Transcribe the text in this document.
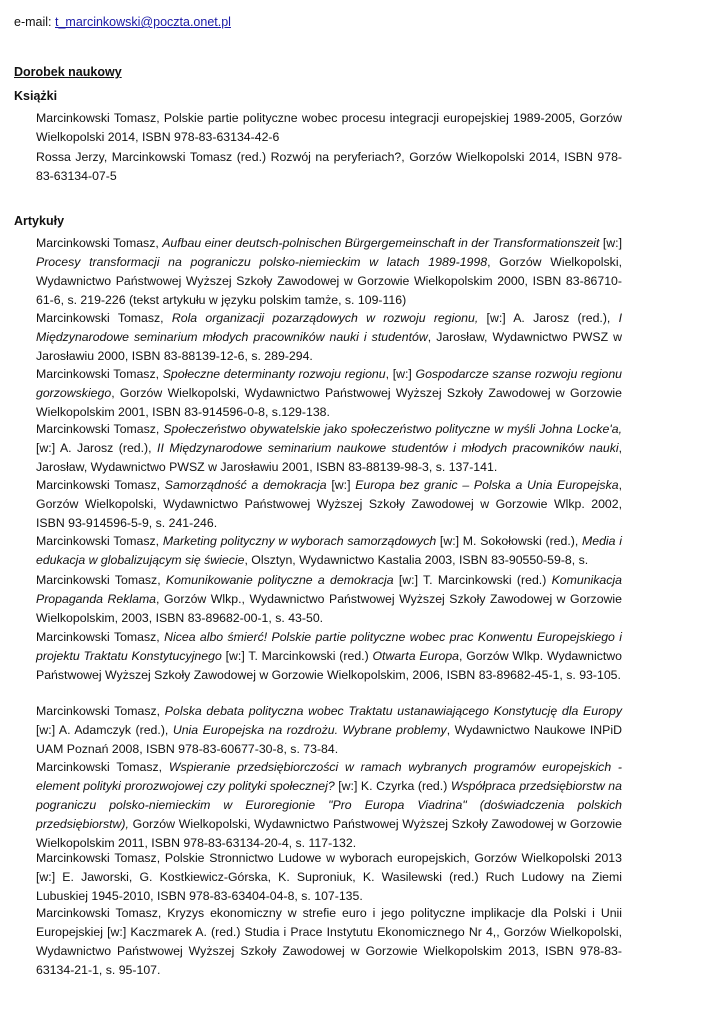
e-mail: t_marcinkowski@poczta.onet.pl
Dorobek naukowy
Książki

Marcinkowski Tomasz, Polskie partie polityczne wobec procesu integracji europejskiej 1989-2005, Gorzów Wielkopolski 2014, ISBN 978-83-63134-42-6

Rossa Jerzy, Marcinkowski Tomasz (red.) Rozwój na peryferiach?, Gorzów Wielkopolski 2014, ISBN 978-83-63134-07-5

Artykuły

Marcinkowski Tomasz, Aufbau einer deutsch-polnischen Bürgergemeinschaft in der Transformationszeit [w:] Procesy transformacji na pograniczu polsko-niemieckim w latach 1989-1998, Gorzów Wielkopolski, Wydawnictwo Państwowej Wyższej Szkoły Zawodowej w Gorzowie Wielkopolskim 2000, ISBN 83-86710-61-6, s. 219-226 (tekst artykułu w języku polskim tamże, s. 109-116)

Marcinkowski Tomasz, Rola organizacji pozarządowych w rozwoju regionu, [w:] A. Jarosz (red.), I Międzynarodowe seminarium młodych pracowników nauki i studentów, Jarosław, Wydawnictwo PWSZ w Jarosławiu 2000, ISBN 83-88139-12-6, s. 289-294.

Marcinkowski Tomasz, Społeczne determinanty rozwoju regionu, [w:] Gospodarcze szanse rozwoju regionu gorzowskiego, Gorzów Wielkopolski, Wydawnictwo Państwowej Wyższej Szkoły Zawodowej w Gorzowie Wielkopolskim 2001, ISBN 83-914596-0-8, s.129-138.

Marcinkowski Tomasz, Społeczeństwo obywatelskie jako społeczeństwo polityczne w myśli Johna Locke'a, [w:] A. Jarosz (red.), II Międzynarodowe seminarium naukowe studentów i młodych pracowników nauki, Jarosław, Wydawnictwo PWSZ w Jarosławiu 2001, ISBN 83-88139-98-3, s. 137-141.

Marcinkowski Tomasz, Samorządność a demokracja [w:] Europa bez granic – Polska a Unia Europejska, Gorzów Wielkopolski, Wydawnictwo Państwowej Wyższej Szkoły Zawodowej w Gorzowie Wlkp. 2002, ISBN 93-914596-5-9, s. 241-246.

Marcinkowski Tomasz, Marketing polityczny w wyborach samorządowych [w:] M. Sokołowski (red.), Media i edukacja w globalizującym się świecie, Olsztyn, Wydawnictwo Kastalia 2003, ISBN 83-90550-59-8, s.

Marcinkowski Tomasz, Komunikowanie polityczne a demokracja [w:] T. Marcinkowski (red.) Komunikacja Propaganda Reklama, Gorzów Wlkp., Wydawnictwo Państwowej Wyższej Szkoły Zawodowej w Gorzowie Wielkopolskim, 2003, ISBN 83-89682-00-1, s. 43-50.

Marcinkowski Tomasz, Nicea albo śmierć! Polskie partie polityczne wobec prac Konwentu Europejskiego i projektu Traktatu Konstytucyjnego [w:] T. Marcinkowski (red.) Otwarta Europa, Gorzów Wlkp. Wydawnictwo Państwowej Wyższej Szkoły Zawodowej w Gorzowie Wielkopolskim, 2006, ISBN 83-89682-45-1, s. 93-105.

Marcinkowski Tomasz, Polska debata polityczna wobec Traktatu ustanawiającego Konstytucję dla Europy [w:] A. Adamczyk (red.), Unia Europejska na rozdrożu. Wybrane problemy, Wydawnictwo Naukowe INPiD UAM Poznań 2008, ISBN 978-83-60677-30-8, s. 73-84.

Marcinkowski Tomasz, Wspieranie przedsiębiorczości w ramach wybranych programów europejskich - element polityki prorozwojowej czy polityki społecznej? [w:] K. Czyrka (red.) Współpraca przedsiębiorstw na pograniczu polsko-niemieckim w Euroregionie "Pro Europa Viadrina" (doświadczenia polskich przedsiębiorstw), Gorzów Wielkopolski, Wydawnictwo Państwowej Wyższej Szkoły Zawodowej w Gorzowie Wielkopolskim 2011, ISBN 978-83-63134-20-4, s. 117-132.

Marcinkowski Tomasz, Polskie Stronnictwo Ludowe w wyborach europejskich, Gorzów Wielkopolski 2013 [w:] E. Jaworski, G. Kostkiewicz-Górska, K. Suproniuk, K. Wasilewski (red.) Ruch Ludowy na Ziemi Lubuskiej 1945-2010, ISBN 978-83-63404-04-8, s. 107-135.

Marcinkowski Tomasz, Kryzys ekonomiczny w strefie euro i jego polityczne implikacje dla Polski i Unii Europejskiej [w:] Kaczmarek A. (red.) Studia i Prace Instytutu Ekonomicznego Nr 4,, Gorzów Wielkopolski, Wydawnictwo Państwowej Wyższej Szkoły Zawodowej w Gorzowie Wielkopolskim 2013, ISBN 978-83-63134-21-1, s. 95-107.
